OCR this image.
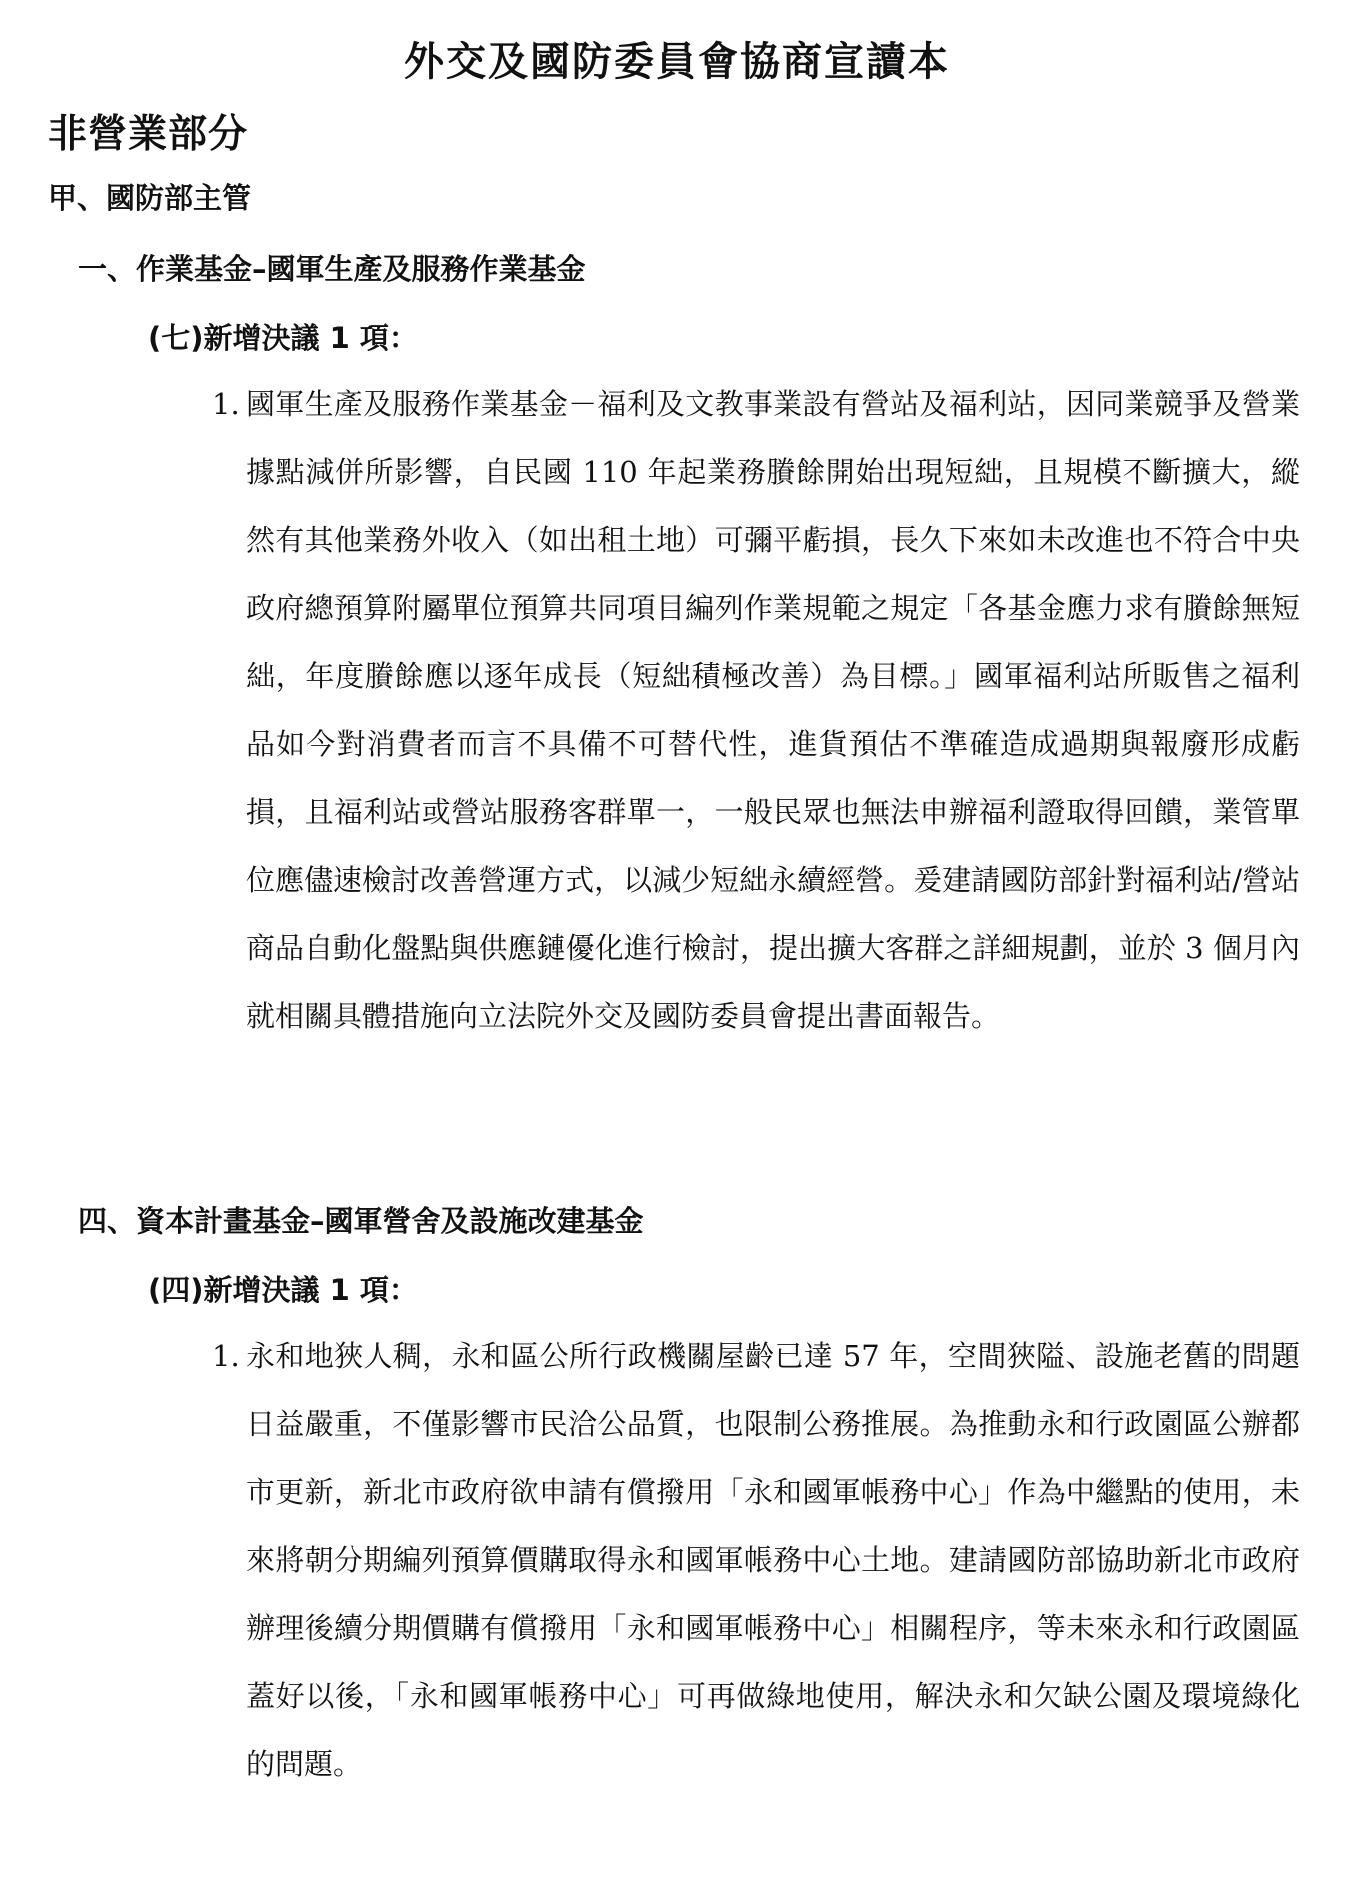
外交及國防委員會協商宣讀本
非營業部分
甲、國防部主管
一、作業基金–國軍生產及服務作業基金
(七)新增決議 1 項：
1. 國軍生產及服務作業基金－福利及文教事業設有營站及福利站，因同業競爭及營業據點減併所影響，自民國 110 年起業務賸餘開始出現短絀，且規模不斷擴大，縱然有其他業務外收入（如出租土地）可彌平虧損，長久下來如未改進也不符合中央政府總預算附屬單位預算共同項目編列作業規範之規定「各基金應力求有賸餘無短絀，年度賸餘應以逐年成長（短絀積極改善）為目標。」國軍福利站所販售之福利品如今對消費者而言不具備不可替代性，進貨預估不準確造成過期與報廢形成虧損，且福利站或營站服務客群單一，一般民眾也無法申辦福利證取得回饋，業管單位應儘速檢討改善營運方式，以減少短絀永續經營。爰建請國防部針對福利站/營站商品自動化盤點與供應鏈優化進行檢討，提出擴大客群之詳細規劃，並於 3 個月內就相關具體措施向立法院外交及國防委員會提出書面報告。
四、資本計畫基金–國軍營舍及設施改建基金
(四)新增決議 1 項：
1. 永和地狹人稠，永和區公所行政機關屋齡已達 57 年，空間狹隘、設施老舊的問題日益嚴重，不僅影響市民洽公品質，也限制公務推展。為推動永和行政園區公辦都市更新，新北市政府欲申請有償撥用「永和國軍帳務中心」作為中繼點的使用，未來將朝分期編列預算價購取得永和國軍帳務中心土地。建請國防部協助新北市政府辦理後續分期價購有償撥用「永和國軍帳務中心」相關程序，等未來永和行政園區蓋好以後，「永和國軍帳務中心」可再做綠地使用，解決永和欠缺公園及環境綠化的問題。
